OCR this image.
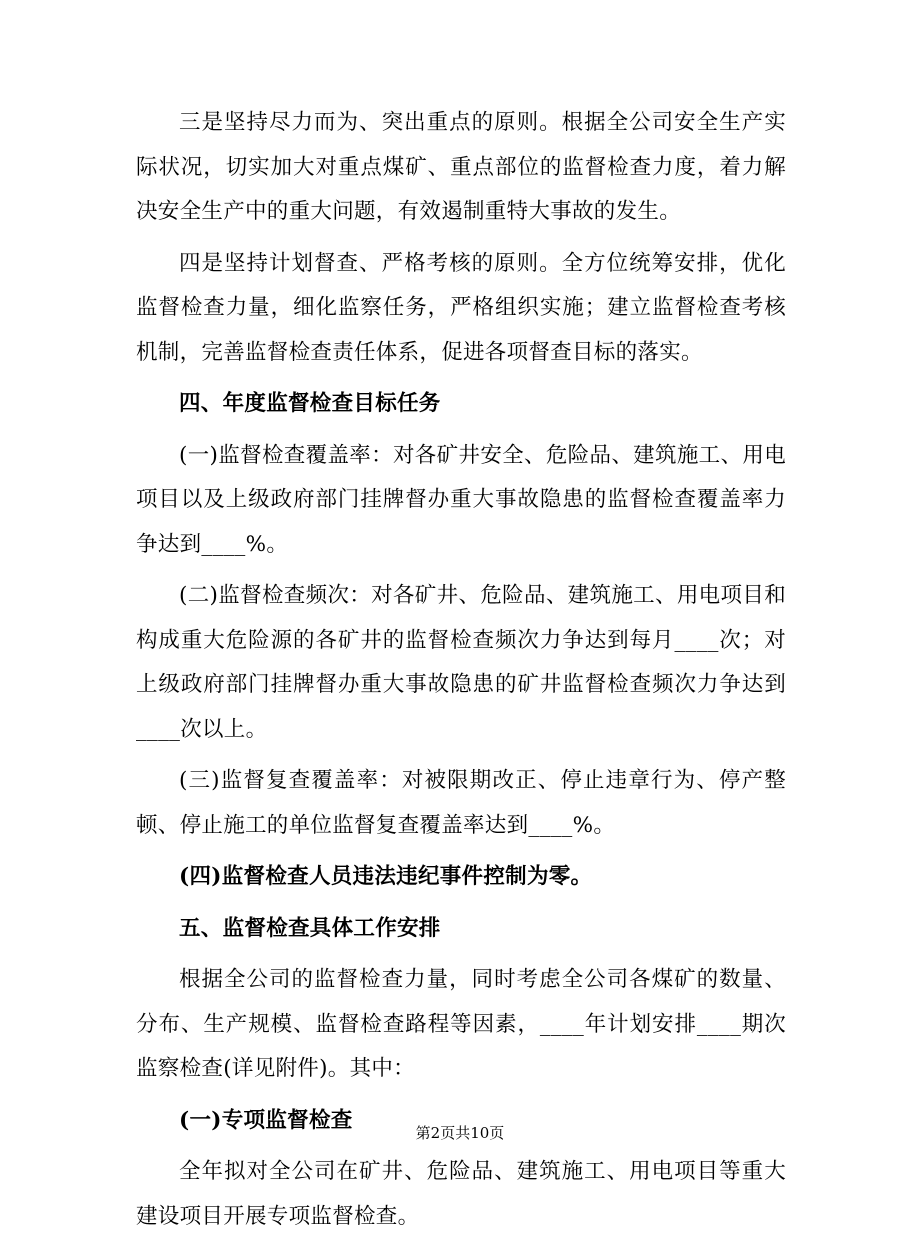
三是坚持尽力而为、突出重点的原则。根据全公司安全生产实际状况，切实加大对重点煤矿、重点部位的监督检查力度，着力解决安全生产中的重大问题，有效遏制重特大事故的发生。

四是坚持计划督查、严格考核的原则。全方位统筹安排，优化监督检查力量，细化监察任务，严格组织实施；建立监督检查考核机制，完善监督检查责任体系，促进各项督查目标的落实。

四、年度监督检查目标任务

(一)监督检查覆盖率：对各矿井安全、危险品、建筑施工、用电项目以及上级政府部门挂牌督办重大事故隐患的监督检查覆盖率力争达到____%。

(二)监督检查频次：对各矿井、危险品、建筑施工、用电项目和构成重大危险源的各矿井的监督检查频次力争达到每月____次；对上级政府部门挂牌督办重大事故隐患的矿井监督检查频次力争达到____次以上。

(三)监督复查覆盖率：对被限期改正、停止违章行为、停产整顿、停止施工的单位监督复查覆盖率达到____%。

(四)监督检查人员违法违纪事件控制为零。

五、监督检查具体工作安排

根据全公司的监督检查力量，同时考虑全公司各煤矿的数量、分布、生产规模、监督检查路程等因素，____年计划安排____期次监察检查(详见附件)。其中：

(一)专项监督检查

全年拟对全公司在矿井、危险品、建筑施工、用电项目等重大建设项目开展专项监督检查。

第2页共10页
